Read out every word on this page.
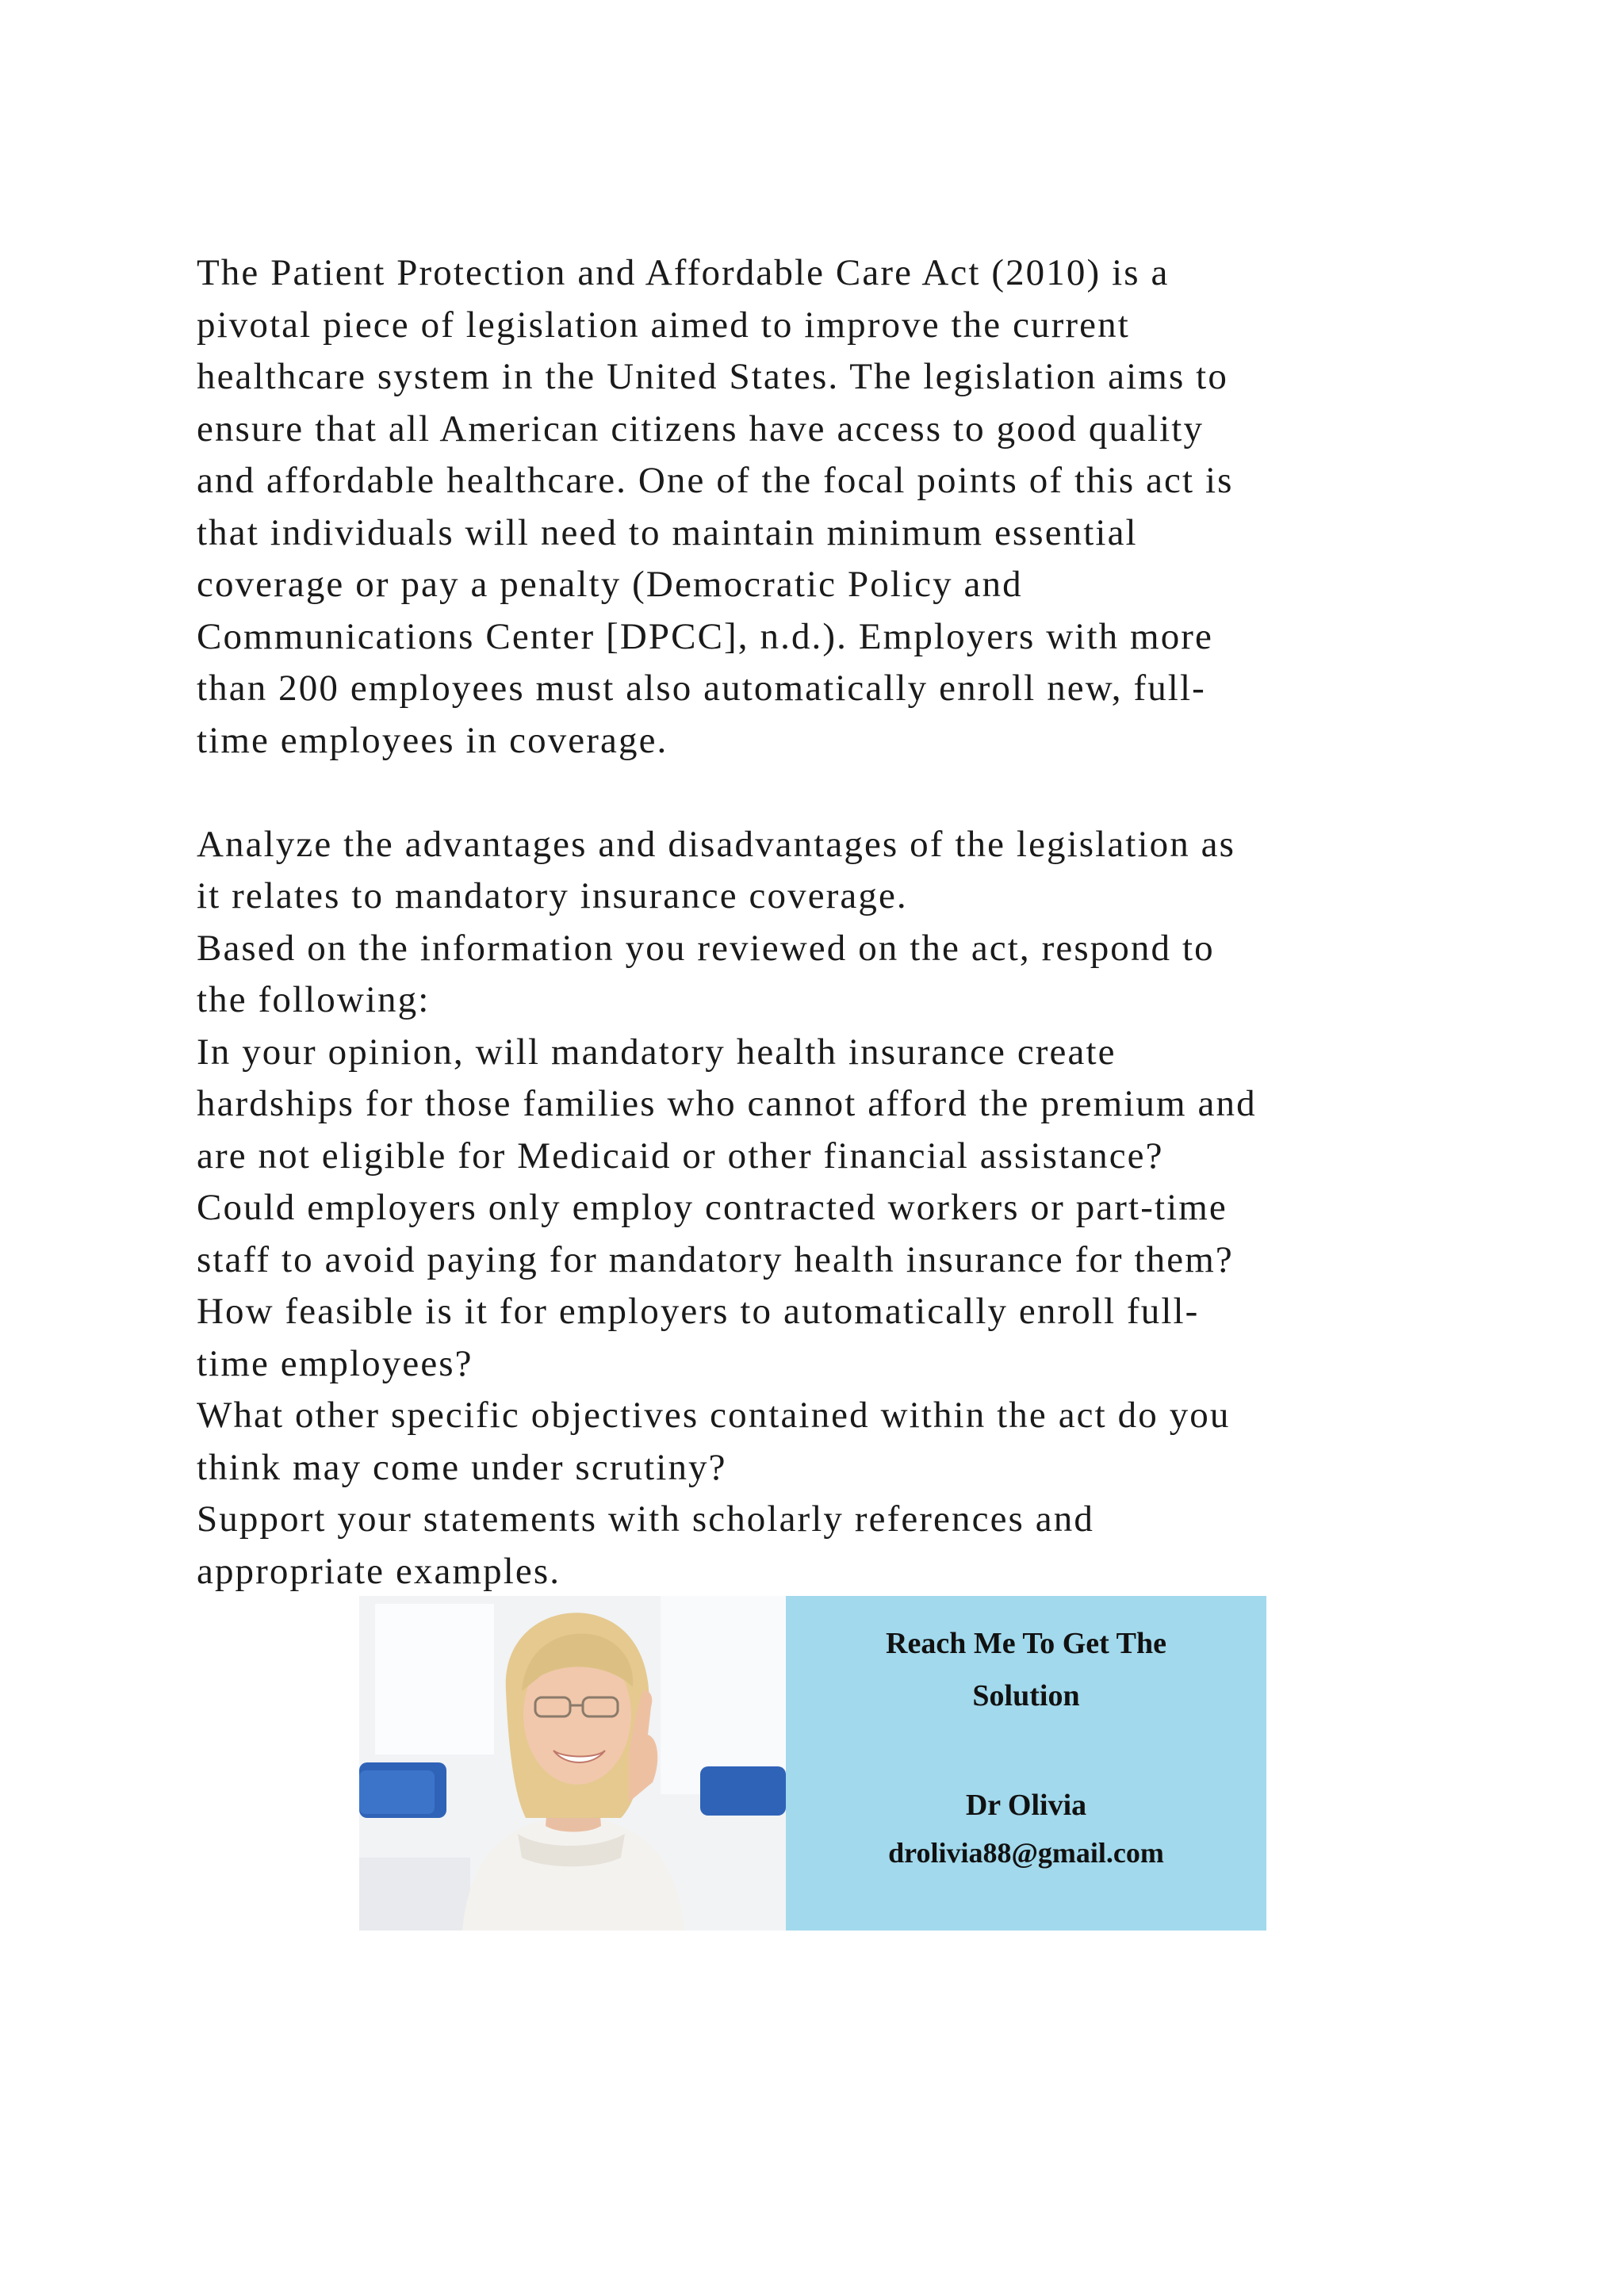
The Patient Protection and Affordable Care Act (2010) is a
pivotal piece of legislation aimed to improve the current
healthcare system in the United States. The legislation aims to
ensure that all American citizens have access to good quality
and affordable healthcare. One of the focal points of this act is
that individuals will need to maintain minimum essential
coverage or pay a penalty (Democratic Policy and
Communications Center [DPCC], n.d.). Employers with more
than 200 employees must also automatically enroll new, full-
time employees in coverage.
Analyze the advantages and disadvantages of the legislation as
it relates to mandatory insurance coverage.
Based on the information you reviewed on the act, respond to
the following:
In your opinion, will mandatory health insurance create
hardships for those families who cannot afford the premium and
are not eligible for Medicaid or other financial assistance?
Could employers only employ contracted workers or part-time
staff to avoid paying for mandatory health insurance for them?
How feasible is it for employers to automatically enroll full-
time employees?
What other specific objectives contained within the act do you
think may come under scrutiny?
Support your statements with scholarly references and
appropriate examples.
Reach Me To Get The
Solution
Dr Olivia
drolivia88@gmail.com
